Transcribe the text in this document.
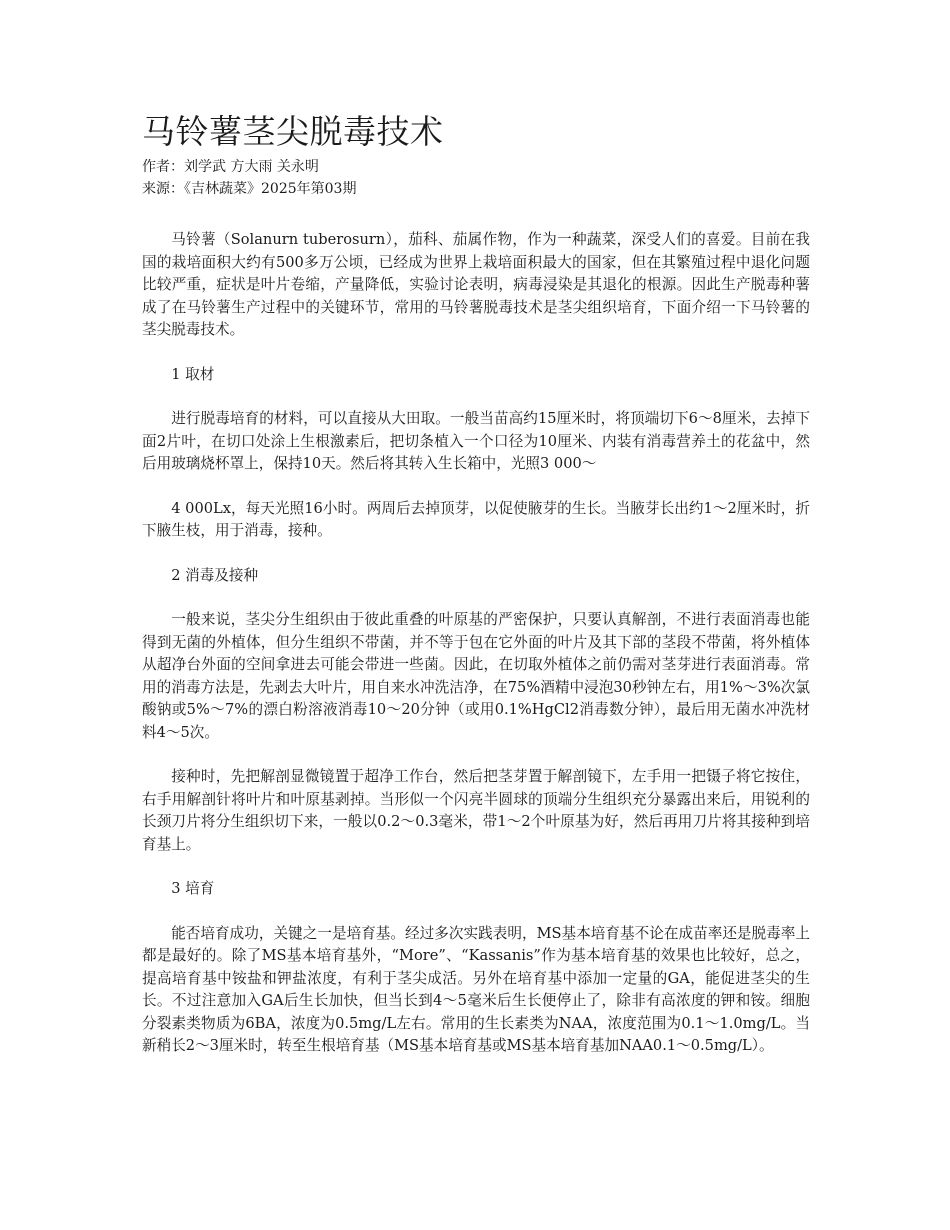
马铃薯茎尖脱毒技术

作者：刘学武 方大雨 关永明

来源：《吉林蔬菜》2025年第03期

马铃薯（Solanurn tuberosurn），茄科、茄属作物，作为一种蔬菜，深受人们的喜爱。目前在我国的栽培面积大约有500多万公顷，已经成为世界上栽培面积最大的国家，但在其繁殖过程中退化问题比较严重，症状是叶片卷缩，产量降低，实验讨论表明，病毒浸染是其退化的根源。因此生产脱毒种薯成了在马铃薯生产过程中的关键环节，常用的马铃薯脱毒技术是茎尖组织培育，下面介绍一下马铃薯的茎尖脱毒技术。

1 取材

进行脱毒培育的材料，可以直接从大田取。一般当苗高约15厘米时，将顶端切下6～8厘米，去掉下面2片叶，在切口处涂上生根激素后，把切条植入一个口径为10厘米、内装有消毒营养土的花盆中，然后用玻璃烧杯罩上，保持10天。然后将其转入生长箱中，光照3 000～

4 000Lx，每天光照16小时。两周后去掉顶芽，以促使腋芽的生长。当腋芽长出约1～2厘米时，折下腋生枝，用于消毒，接种。

2 消毒及接种

一般来说，茎尖分生组织由于彼此重叠的叶原基的严密保护，只要认真解剖，不进行表面消毒也能得到无菌的外植体，但分生组织不带菌，并不等于包在它外面的叶片及其下部的茎段不带菌，将外植体从超净台外面的空间拿进去可能会带进一些菌。因此，在切取外植体之前仍需对茎芽进行表面消毒。常用的消毒方法是，先剥去大叶片，用自来水冲洗洁净，在75%酒精中浸泡30秒钟左右，用1%～3%次氯酸钠或5%～7%的漂白粉溶液消毒10～20分钟（或用0.1%HgCl2消毒数分钟），最后用无菌水冲洗材料4～5次。

接种时，先把解剖显微镜置于超净工作台，然后把茎芽置于解剖镜下，左手用一把镊子将它按住，右手用解剖针将叶片和叶原基剥掉。当形似一个闪亮半圆球的顶端分生组织充分暴露出来后，用锐利的长颈刀片将分生组织切下来，一般以0.2～0.3毫米，带1～2个叶原基为好，然后再用刀片将其接种到培育基上。

3 培育

能否培育成功，关键之一是培育基。经过多次实践表明，MS基本培育基不论在成苗率还是脱毒率上都是最好的。除了MS基本培育基外，“More”、“Kassanis”作为基本培育基的效果也比较好，总之，提高培育基中铵盐和钾盐浓度，有利于茎尖成活。另外在培育基中添加一定量的GA，能促进茎尖的生长。不过注意加入GA后生长加快，但当长到4～5毫米后生长便停止了，除非有高浓度的钾和铵。细胞分裂素类物质为6BA，浓度为0.5mg/L左右。常用的生长素类为NAA，浓度范围为0.1～1.0mg/L。当新稍长2～3厘米时，转至生根培育基（MS基本培育基或MS基本培育基加NAA0.1～0.5mg/L）。
